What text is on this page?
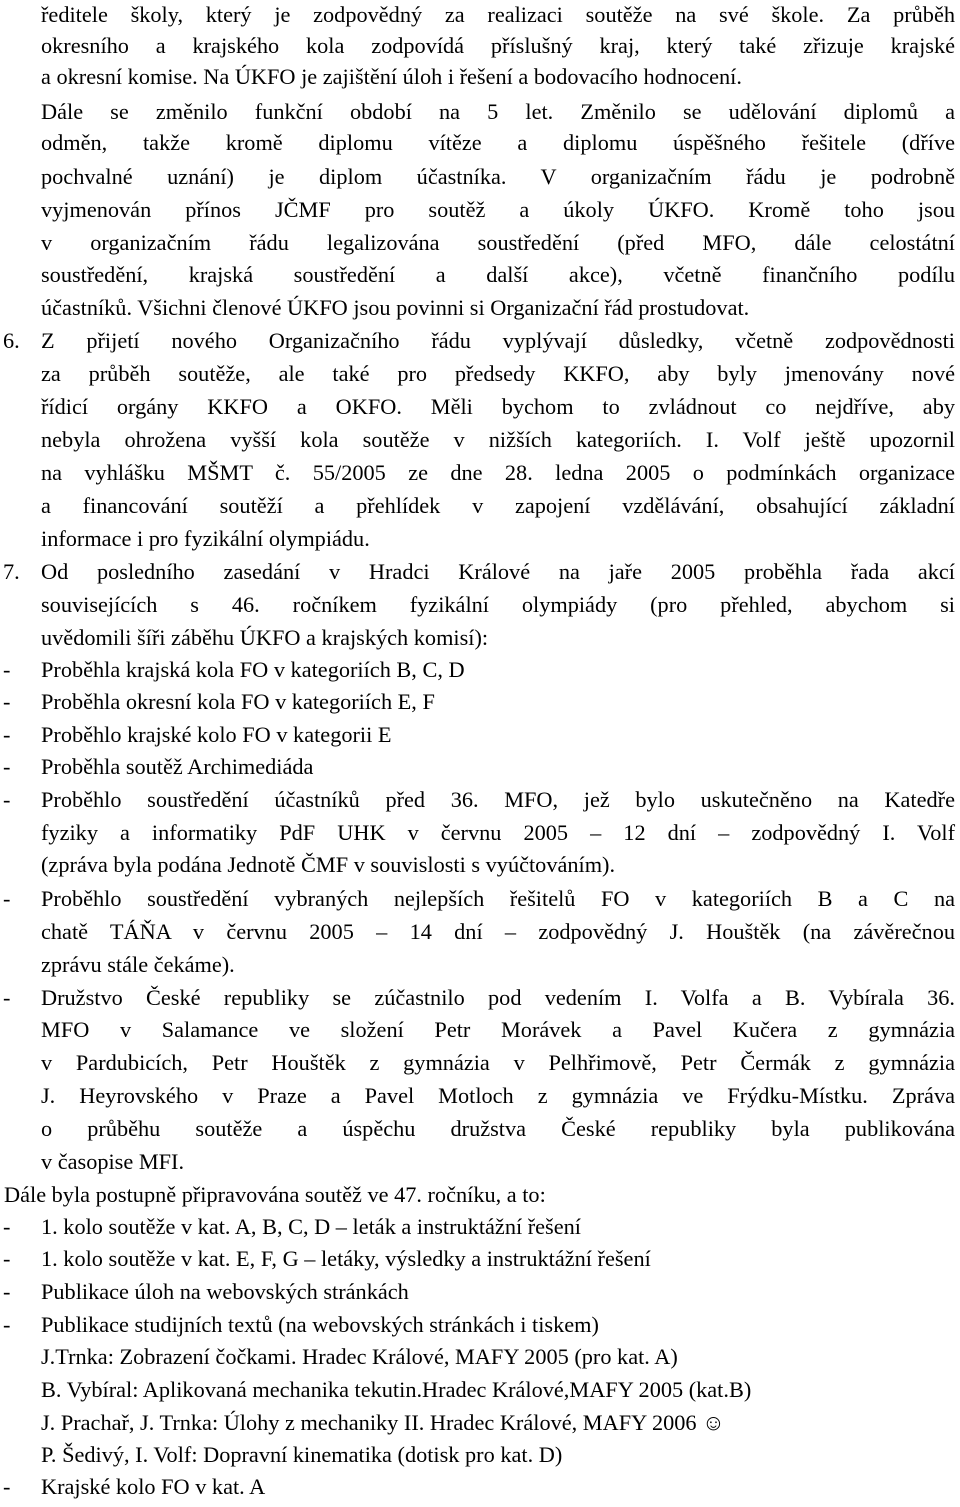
ředitele školy, který je zodpovědný za realizaci soutěže na své škole. Za průběh
okresního a krajského kola zodpovídá příslušný kraj, který také zřizuje krajské
a okresní komise. Na ÚKFO je zajištění úloh i řešení a bodovacího hodnocení.
Dále se změnilo funkční období na 5 let. Změnilo se udělování diplomů a
odměn, takže kromě diplomu vítěze a diplomu úspěšného řešitele (dříve
pochvalné uznání) je diplom účastníka. V organizačním řádu je podrobně
vyjmenován přínos JČMF pro soutěž a úkoly ÚKFO. Kromě toho jsou
v organizačním řádu legalizována soustředění (před MFO, dále celostátní
soustředění, krajská soustředění a další akce), včetně finančního podílu
účastníků. Všichni členové ÚKFO jsou povinni si Organizační řád prostudovat.
6. Z přijetí nového Organizačního řádu vyplývají důsledky, včetně zodpovědnosti
za průběh soutěže, ale také pro předsedy KKFO, aby byly jmenovány nové
řídicí orgány KKFO a OKFO. Měli bychom to zvládnout co nejdříve, aby
nebyla ohrožena vyšší kola soutěže v nižších kategoriích. I. Volf ještě upozornil
na vyhlášku MŠMT č. 55/2005 ze dne 28. ledna 2005 o podmínkách organizace
a financování soutěží a přehlídek v zapojení vzdělávání, obsahující základní
informace i pro fyzikální olympiádu.
7. Od posledního zasedání v Hradci Králové na jaře 2005 proběhla řada akcí
souvisejících s 46. ročníkem fyzikální olympiády (pro přehled, abychom si
uvědomili šíři záběhu ÚKFO a krajských komisí):
- Proběhla krajská kola FO v kategoriích B, C, D
- Proběhla okresní kola FO v kategoriích E, F
- Proběhlo krajské kolo FO v kategorii E
- Proběhla soutěž Archimediáda
- Proběhlo soustředění účastníků před 36. MFO, jež bylo uskutečněno na Katedře
fyziky a informatiky PdF UHK v červnu 2005 – 12 dní – zodpovědný I. Volf
(zpráva byla podána Jednotě ČMF v souvislosti s vyúčtováním).
- Proběhlo soustředění vybraných nejlepších řešitelů FO v kategoriích B a C na
chatě TÁŇA v červnu 2005 – 14 dní – zodpovědný J. Houštěk (na závěrečnou
zprávu stále čekáme).
- Družstvo České republiky se zúčastnilo pod vedením I. Volfa a B. Vybírala 36.
MFO v Salamance ve složení Petr Morávek a Pavel Kučera z gymnázia
v Pardubicích, Petr Houštěk z gymnázia v Pelhřimově, Petr Čermák z gymnázia
J. Heyrovského v Praze a Pavel Motloch z gymnázia ve Frýdku-Místku. Zpráva
o průběhu soutěže a úspěchu družstva České republiky byla publikována
v časopise MFI.
Dále byla postupně připravována soutěž ve 47. ročníku, a to:
- 1. kolo soutěže v kat. A, B, C, D – leták a instruktážní řešení
- 1. kolo soutěže v kat. E, F, G – letáky, výsledky a instruktážní řešení
- Publikace úloh na webovských stránkách
- Publikace studijních textů (na webovských stránkách i tiskem)
J.Trnka: Zobrazení čočkami. Hradec Králové, MAFY 2005 (pro kat. A)
B. Vybíral: Aplikovaná mechanika tekutin.Hradec Králové,MAFY 2005 (kat.B)
J. Prachař, J. Trnka: Úlohy z mechaniky II. Hradec Králové, MAFY 2006 ☺
P. Šedivý, I. Volf: Dopravní kinematika (dotisk pro kat. D)
- Krajské kolo FO v kat. A
